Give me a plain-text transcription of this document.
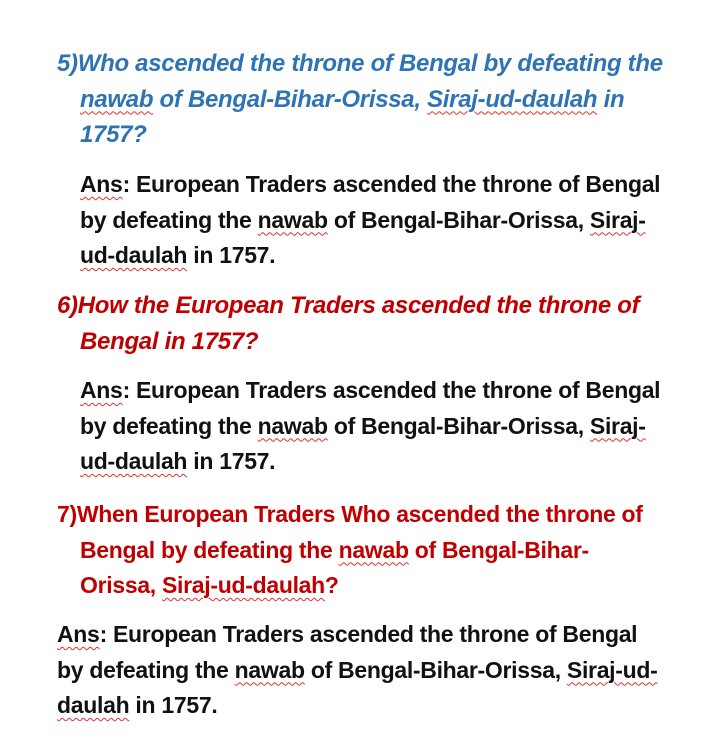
5)Who ascended the throne of Bengal by defeating the
nawab of Bengal-Bihar-Orissa, Siraj-ud-daulah in
1757?
Ans: European Traders ascended the throne of Bengal
by defeating the nawab of Bengal-Bihar-Orissa, Siraj-
ud-daulah in 1757.
6)How the European Traders ascended the throne of
Bengal in 1757?
Ans: European Traders ascended the throne of Bengal
by defeating the nawab of Bengal-Bihar-Orissa, Siraj-
ud-daulah in 1757.
7)When European Traders Who ascended the throne of
Bengal by defeating the nawab of Bengal-Bihar-
Orissa, Siraj-ud-daulah?
Ans: European Traders ascended the throne of Bengal
by defeating the nawab of Bengal-Bihar-Orissa, Siraj-ud-
daulah in 1757.
